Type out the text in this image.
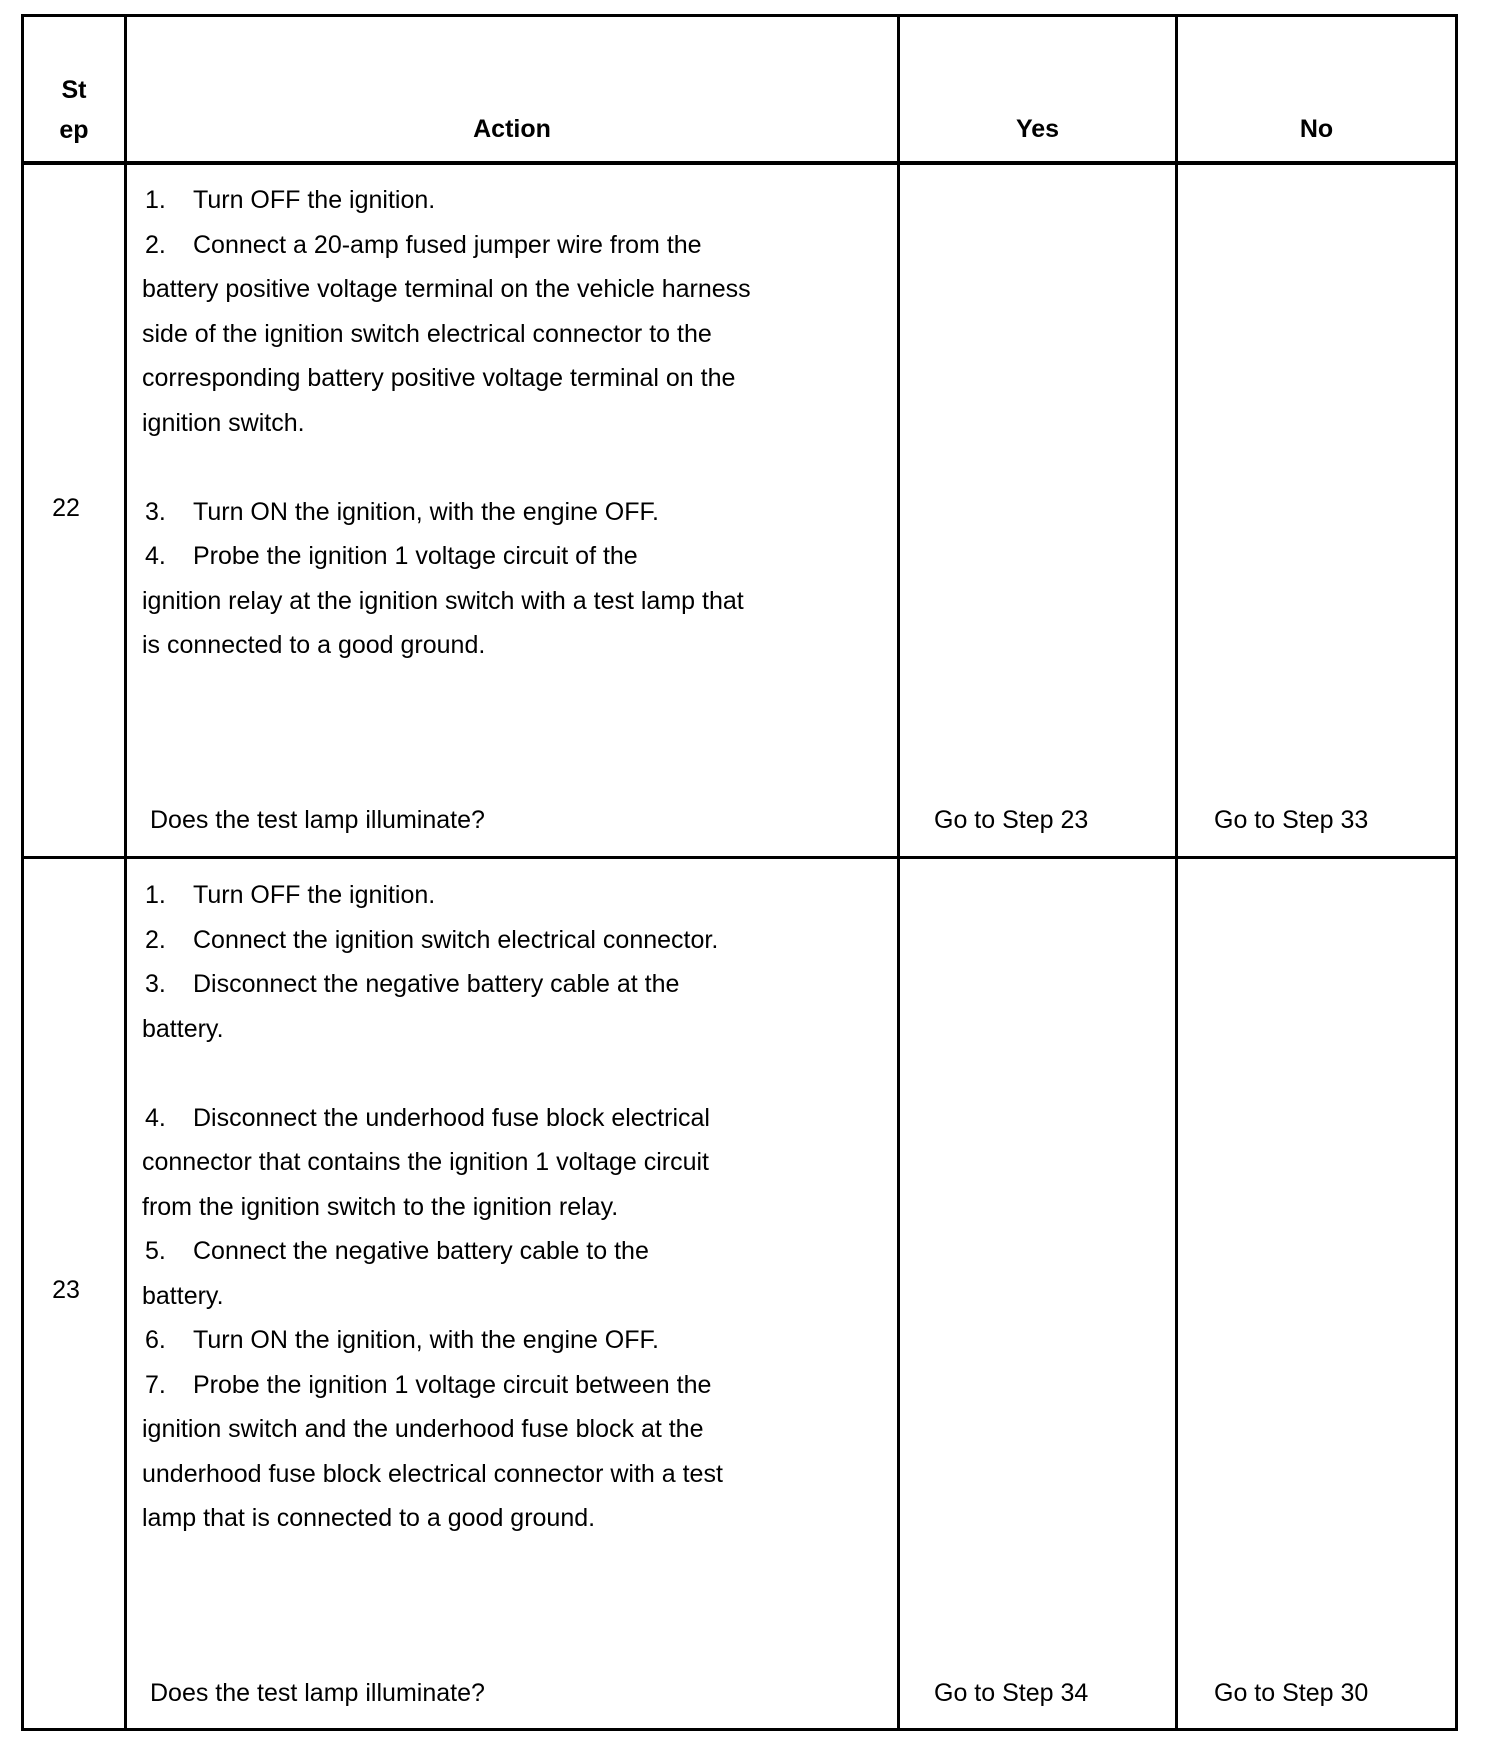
St
ep	Action	Yes	No
22
1. Turn OFF the ignition.
2. Connect a 20-amp fused jumper wire from the
battery positive voltage terminal on the vehicle harness
side of the ignition switch electrical connector to the
corresponding battery positive voltage terminal on the
ignition switch.
3. Turn ON the ignition, with the engine OFF.
4. Probe the ignition 1 voltage circuit of the
ignition relay at the ignition switch with a test lamp that
is connected to a good ground.
Does the test lamp illuminate?	Go to Step 23	Go to Step 33
23
1. Turn OFF the ignition.
2. Connect the ignition switch electrical connector.
3. Disconnect the negative battery cable at the
battery.
4. Disconnect the underhood fuse block electrical
connector that contains the ignition 1 voltage circuit
from the ignition switch to the ignition relay.
5. Connect the negative battery cable to the
battery.
6. Turn ON the ignition, with the engine OFF.
7. Probe the ignition 1 voltage circuit between the
ignition switch and the underhood fuse block at the
underhood fuse block electrical connector with a test
lamp that is connected to a good ground.
Does the test lamp illuminate?	Go to Step 34	Go to Step 30
